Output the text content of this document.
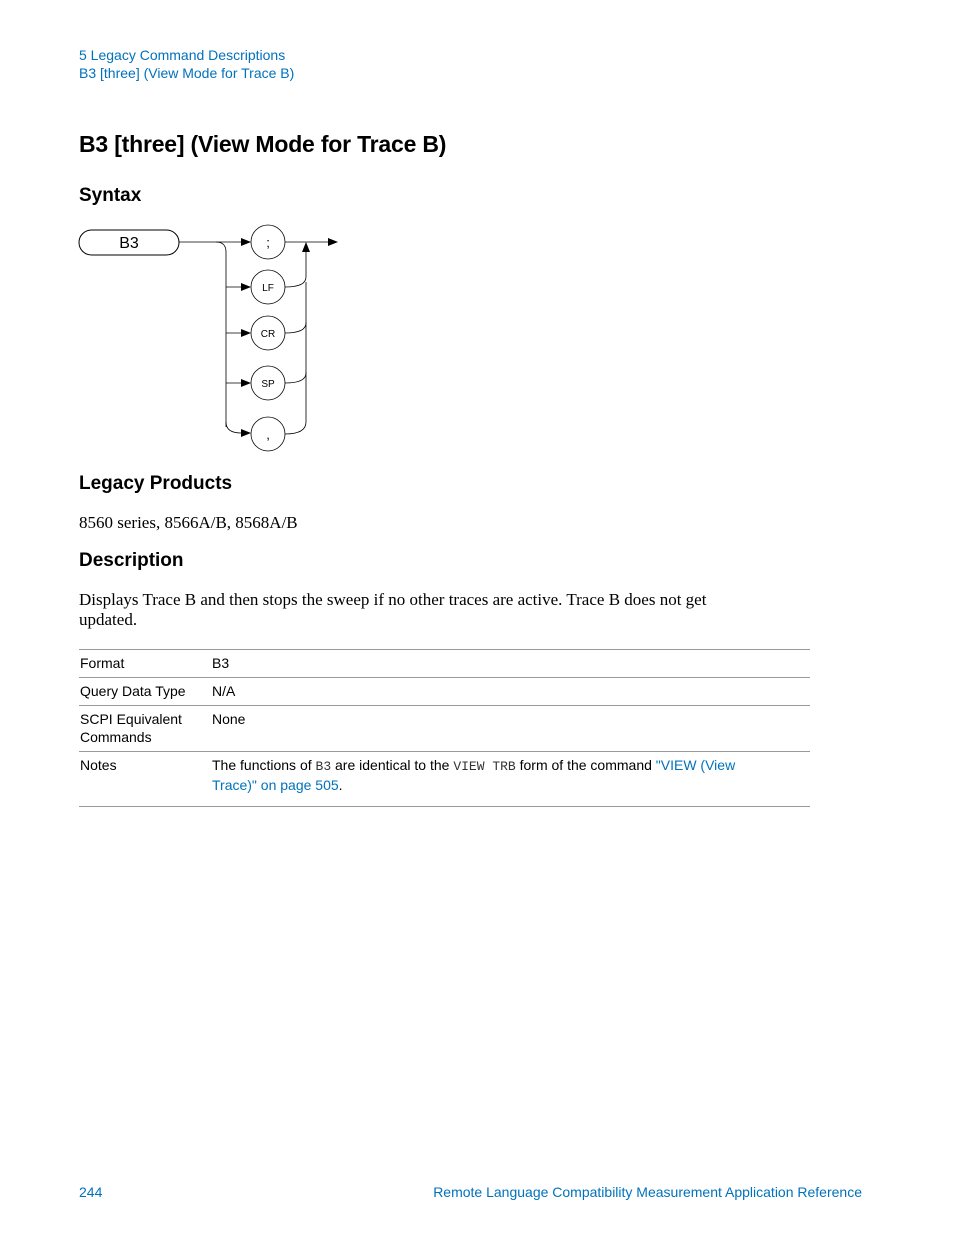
5 Legacy Command Descriptions
B3 [three] (View Mode for Trace B)
B3 [three] (View Mode for Trace B)
Syntax
B3	;
LF
CR
SP
,
Legacy Products
8560 series, 8566A/B, 8568A/B
Description
Displays Trace B and then stops the sweep if no other traces are active. Trace B does not get
updated.
Format	B3
Query Data Type	N/A

SCPI Equivalent
Commands	None
Notes	The functions of B3 are identical to the VIEW TRB form of the command "VIEW (View
Trace)" on page 505.
244	Remote Language Compatibility Measurement Application Reference
